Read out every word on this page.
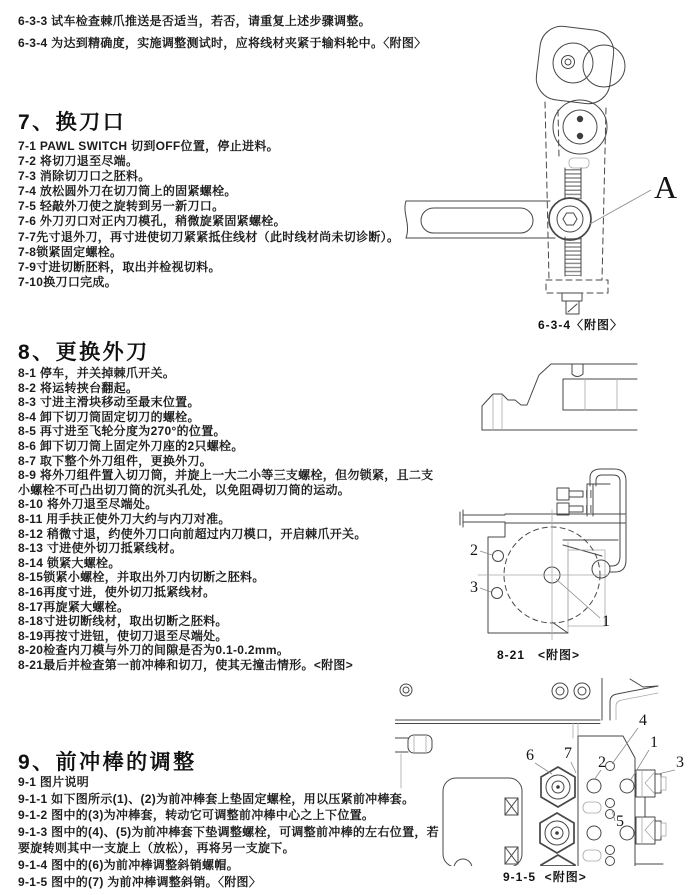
6-3-3 试车检查棘爪推送是否适当，若否，请重复上述步骤调整。
6-3-4 为达到精确度，实施调整测试时，应将线材夹紧于输料轮中。〈附图〉
7、换刀口
7-1 PAWL SWITCH 切到OFF位置，停止进料。
7-2 将切刀退至尽端。
7-3 消除切刀口之胚料。
7-4 放松圆外刀在切刀筒上的固紧螺栓。
7-5 轻敲外刀使之旋转到另一新刀口。
7-6 外刀刃口对正内刀模孔，稍微旋紧固紧螺栓。
7-7先寸退外刀，再寸进使切刀紧紧抵住线材（此时线材尚未切诊断）。
7-8锁紧固定螺栓。
7-9寸进切断胚料，取出并检视切料。
7-10换刀口完成。
8、更换外刀
8-1 停车，并关掉棘爪开关。
8-2 将运转挟台翻起。
8-3 寸进主滑块移动至最末位置。
8-4 卸下切刀筒固定切刀的螺栓。
8-5 再寸进至飞轮分度为270°的位置。
8-6 卸下切刀筒上固定外刀座的2只螺栓。
8-7 取下整个外刀组件，更换外刀。
8-9 将外刀组件置入切刀筒，并旋上一大二小等三支螺栓，但勿锁紧，且二支
小螺栓不可凸出切刀筒的沉头孔处，以免阻碍切刀筒的运动。
8-10 将外刀退至尽端处。
8-11 用手扶正使外刀大约与内刀对准。
8-12 稍微寸退，约使外刀口向前超过内刀模口，开启棘爪开关。
8-13 寸进使外切刀抵紧线材。
8-14 锁紧大螺栓。
8-15锁紧小螺栓，并取出外刀内切断之胚料。
8-16再度寸进，使外切刀抵紧线材。
8-17再旋紧大螺栓。
8-18寸进切断线材，取出切断之胚料。
8-19再按寸进钮，使切刀退至尽端处。
8-20检查内刀模与外刀的间隙是否为0.1-0.2mm。
8-21最后并检查第一前冲棒和切刀，使其无撞击情形。<附图>
9、前冲棒的调整
9-1 图片说明
9-1-1 如下图所示(1)、(2)为前冲棒套上垫固定螺栓，用以压紧前冲棒套。
9-1-2 图中的(3)为冲棒套，转动它可调整前冲棒中心之上下位置。
9-1-3 图中的(4)、(5)为前冲棒套下垫调整螺栓，可调整前冲棒的左右位置，若
要旋转则其中一支旋上（放松），再将另一支旋下。
9-1-4 图中的(6)为前冲棒调整斜销螺帽。
9-1-5 图中的(7) 为前冲棒调整斜销。〈附图〉
A
6-3-4〈附图〉
2
3
1
8-21   <附图>
6 7
2
4
1
3
5
9-1-5  <附图>
